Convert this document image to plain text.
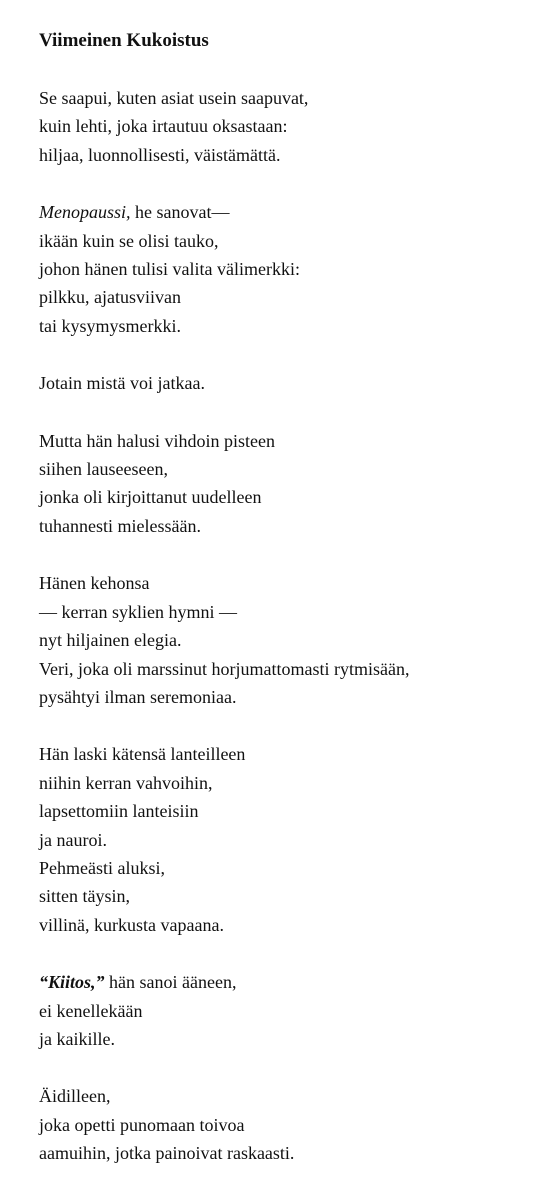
Viimeinen Kukoistus
Se saapui, kuten asiat usein saapuvat,
kuin lehti, joka irtautuu oksastaan:
hiljaa, luonnollisesti, väistämättä.
Menopaussi, he sanovat—
ikään kuin se olisi tauko,
johon hänen tulisi valita välimerkki:
pilkku, ajatusviivan
tai kysymysmerkki.
Jotain mistä voi jatkaa.
Mutta hän halusi vihdoin pisteen
siihen lauseeseen,
jonka oli kirjoittanut uudelleen
tuhannesti mielessään.
Hänen kehonsa
— kerran syklien hymni —
nyt hiljainen elegia.
Veri, joka oli marssinut horjumattomasti rytmisään,
pysähtyi ilman seremoniaa.
Hän laski kätensä lanteilleen
niihin kerran vahvoihin,
lapsettomiin lanteisiin
ja nauroi.
Pehmeästi aluksi,
sitten täysin,
villinä, kurkusta vapaana.
“Kiitos,” hän sanoi ääneen,
ei kenellekään
ja kaikille.
Äidilleen,
joka opetti punomaan toivoa
aamuihin, jotka painoivat raskaasti.
